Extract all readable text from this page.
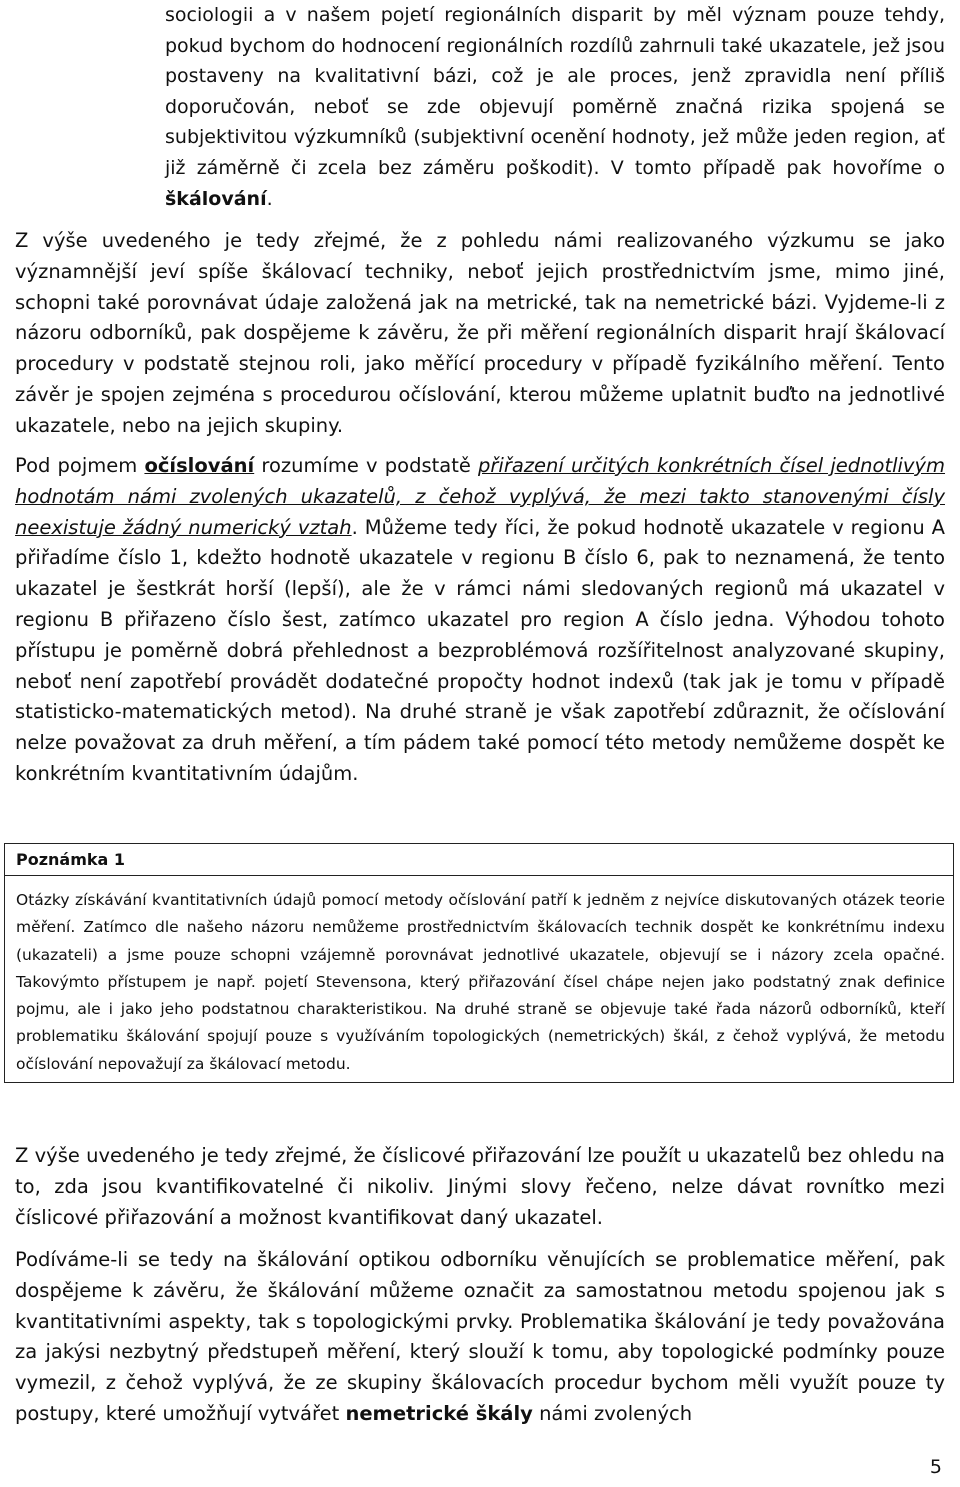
sociologii a v našem pojetí regionálních disparit by měl význam pouze tehdy, pokud bychom do hodnocení regionálních rozdílů zahrnuli také ukazatele, jež jsou postaveny na kvalitativní bázi, což je ale proces, jenž zpravidla není příliš doporučován, neboť se zde objevují poměrně značná rizika spojená se subjektivitou výzkumníků (subjektivní ocenění hodnoty, jež může jeden region, ať již záměrně či zcela bez záměru poškodit). V tomto případě pak hovoříme o škálování.

Z výše uvedeného je tedy zřejmé, že z pohledu námi realizovaného výzkumu se jako významnější jeví spíše škálovací techniky, neboť jejich prostřednictvím jsme, mimo jiné, schopni také porovnávat údaje založená jak na metrické, tak na nemetrické bázi. Vyjdeme-li z názoru odborníků, pak dospějeme k závěru, že při měření regionálních disparit hrají škálovací procedury v podstatě stejnou roli, jako měřící procedury v případě fyzikálního měření. Tento závěr je spojen zejména s procedurou očíslování, kterou můžeme uplatnit buďto na jednotlivé ukazatele, nebo na jejich skupiny.

Pod pojmem očíslování rozumíme v podstatě přiřazení určitých konkrétních čísel jednotlivým hodnotám námi zvolených ukazatelů, z čehož vyplývá, že mezi takto stanovenými čísly neexistuje žádný numerický vztah. Můžeme tedy říci, že pokud hodnotě ukazatele v regionu A přiřadíme číslo 1, kdežto hodnotě ukazatele v regionu B číslo 6, pak to neznamená, že tento ukazatel je šestkrát horší (lepší), ale že v rámci námi sledovaných regionů má ukazatel v regionu B přiřazeno číslo šest, zatímco ukazatel pro region A číslo jedna. Výhodou tohoto přístupu je poměrně dobrá přehlednost a bezproblémová rozšířitelnost analyzované skupiny, neboť není zapotřebí provádět dodatečné propočty hodnot indexů (tak jak je tomu v případě statisticko-matematických metod). Na druhé straně je však zapotřebí zdůraznit, že očíslování nelze považovat za druh měření, a tím pádem také pomocí této metody nemůžeme dospět ke konkrétním kvantitativním údajům.

Poznámka 1

Otázky získávání kvantitativních údajů pomocí metody očíslování patří k jedněm z nejvíce diskutovaných otázek teorie měření. Zatímco dle našeho názoru nemůžeme prostřednictvím škálovacích technik dospět ke konkrétnímu indexu (ukazateli) a jsme pouze schopni vzájemně porovnávat jednotlivé ukazatele, objevují se i názory zcela opačné. Takovýmto přístupem je např. pojetí Stevensona, který přiřazování čísel chápe nejen jako podstatný znak definice pojmu, ale i jako jeho podstatnou charakteristikou. Na druhé straně se objevuje také řada názorů odborníků, kteří problematiku škálování spojují pouze s využíváním topologických (nemetrických) škál, z čehož vyplývá, že metodu očíslování nepovažují za škálovací metodu.

Z výše uvedeného je tedy zřejmé, že číslicové přiřazování lze použít u ukazatelů bez ohledu na to, zda jsou kvantifikovatelné či nikoliv. Jinými slovy řečeno, nelze dávat rovnítko mezi číslicové přiřazování a možnost kvantifikovat daný ukazatel.

Podíváme-li se tedy na škálování optikou odborníku věnujících se problematice měření, pak dospějeme k závěru, že škálování můžeme označit za samostatnou metodu spojenou jak s kvantitativními aspekty, tak s topologickými prvky. Problematika škálování je tedy považována za jakýsi nezbytný předstupeň měření, který slouží k tomu, aby topologické podmínky pouze vymezil, z čehož vyplývá, že ze skupiny škálovacích procedur bychom měli využít pouze ty postupy, které umožňují vytvářet nemetrické škály námi zvolených

5
